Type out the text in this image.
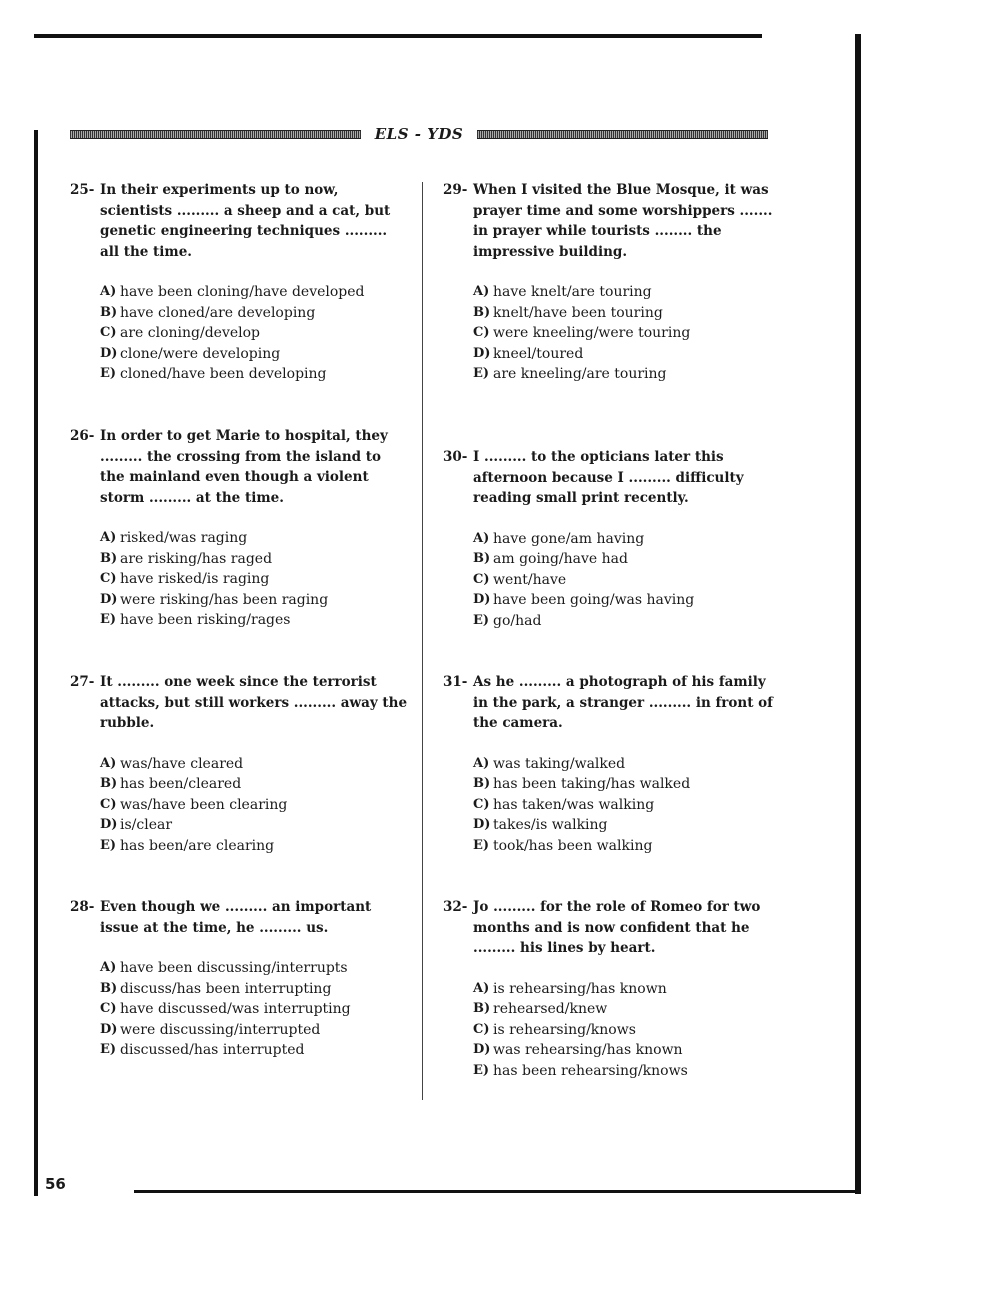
ELS - YDS
25- In their experiments up to now, scientists ......... a sheep and a cat, but genetic engineering techniques ......... all the time.
A) have been cloning/have developed
B) have cloned/are developing
C) are cloning/develop
D) clone/were developing
E) cloned/have been developing
26- In order to get Marie to hospital, they ......... the crossing from the island to the mainland even though a violent storm ......... at the time.
A) risked/was raging
B) are risking/has raged
C) have risked/is raging
D) were risking/has been raging
E) have been risking/rages
27- It ......... one week since the terrorist attacks, but still workers ......... away the rubble.
A) was/have cleared
B) has been/cleared
C) was/have been clearing
D) is/clear
E) has been/are clearing
28- Even though we ......... an important issue at the time, he ......... us.
A) have been discussing/interrupts
B) discuss/has been interrupting
C) have discussed/was interrupting
D) were discussing/interrupted
E) discussed/has interrupted
29- When I visited the Blue Mosque, it was prayer time and some worshippers ....... in prayer while tourists ........ the impressive building.
A) have knelt/are touring
B) knelt/have been touring
C) were kneeling/were touring
D) kneel/toured
E) are kneeling/are touring
30- I ......... to the opticians later this afternoon because I ......... difficulty reading small print recently.
A) have gone/am having
B) am going/have had
C) went/have
D) have been going/was having
E) go/had
31- As he ......... a photograph of his family in the park, a stranger ......... in front of the camera.
A) was taking/walked
B) has been taking/has walked
C) has taken/was walking
D) takes/is walking
E) took/has been walking
32- Jo ......... for the role of Romeo for two months and is now confident that he ......... his lines by heart.
A) is rehearsing/has known
B) rehearsed/knew
C) is rehearsing/knows
D) was rehearsing/has known
E) has been rehearsing/knows
56
